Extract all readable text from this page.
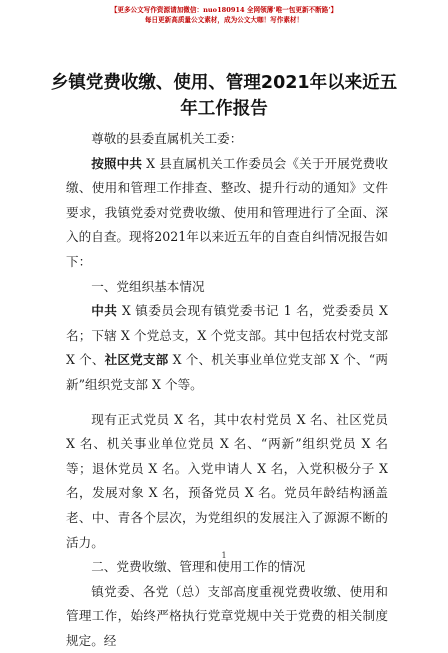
【更多公文写作资源请加微信：nuo180914 全网领薄‘唯一包更新不断路’】
每日更新高质量公文素材，成为公文大咖！写作素材！
乡镇党费收缴、使用、管理2021年以来近五年工作报告

尊敬的县委直属机关工委：

按照中共 X 县直属机关工作委员会《关于开展党费收缴、使用和管理工作排查、整改、提升行动的通知》文件要求，我镇党委对党费收缴、使用和管理进行了全面、深入的自查。现将2021年以来近五年的自查自纠情况报告如下：

一、党组织基本情况

中共 X 镇委员会现有镇党委书记 1 名，党委委员 X 名；下辖 X 个党总支，X 个党支部。其中包括农村党支部 X 个、社区党支部 X 个、机关事业单位党支部 X 个、“两新”组织党支部 X 个等。

现有正式党员 X 名，其中农村党员 X 名、社区党员 X 名、机关事业单位党员 X 名、“两新”组织党员 X 名等；退休党员 X 名。入党申请人 X 名，入党积极分子 X 名，发展对象 X 名，预备党员 X 名。党员年龄结构涵盖老、中、青各个层次，为党组织的发展注入了源源不断的活力。

二、党费收缴、管理和使用工作的情况

镇党委、各党（总）支部高度重视党费收缴、使用和管理工作，始终严格执行党章党规中关于党费的相关制度规定。经

1
